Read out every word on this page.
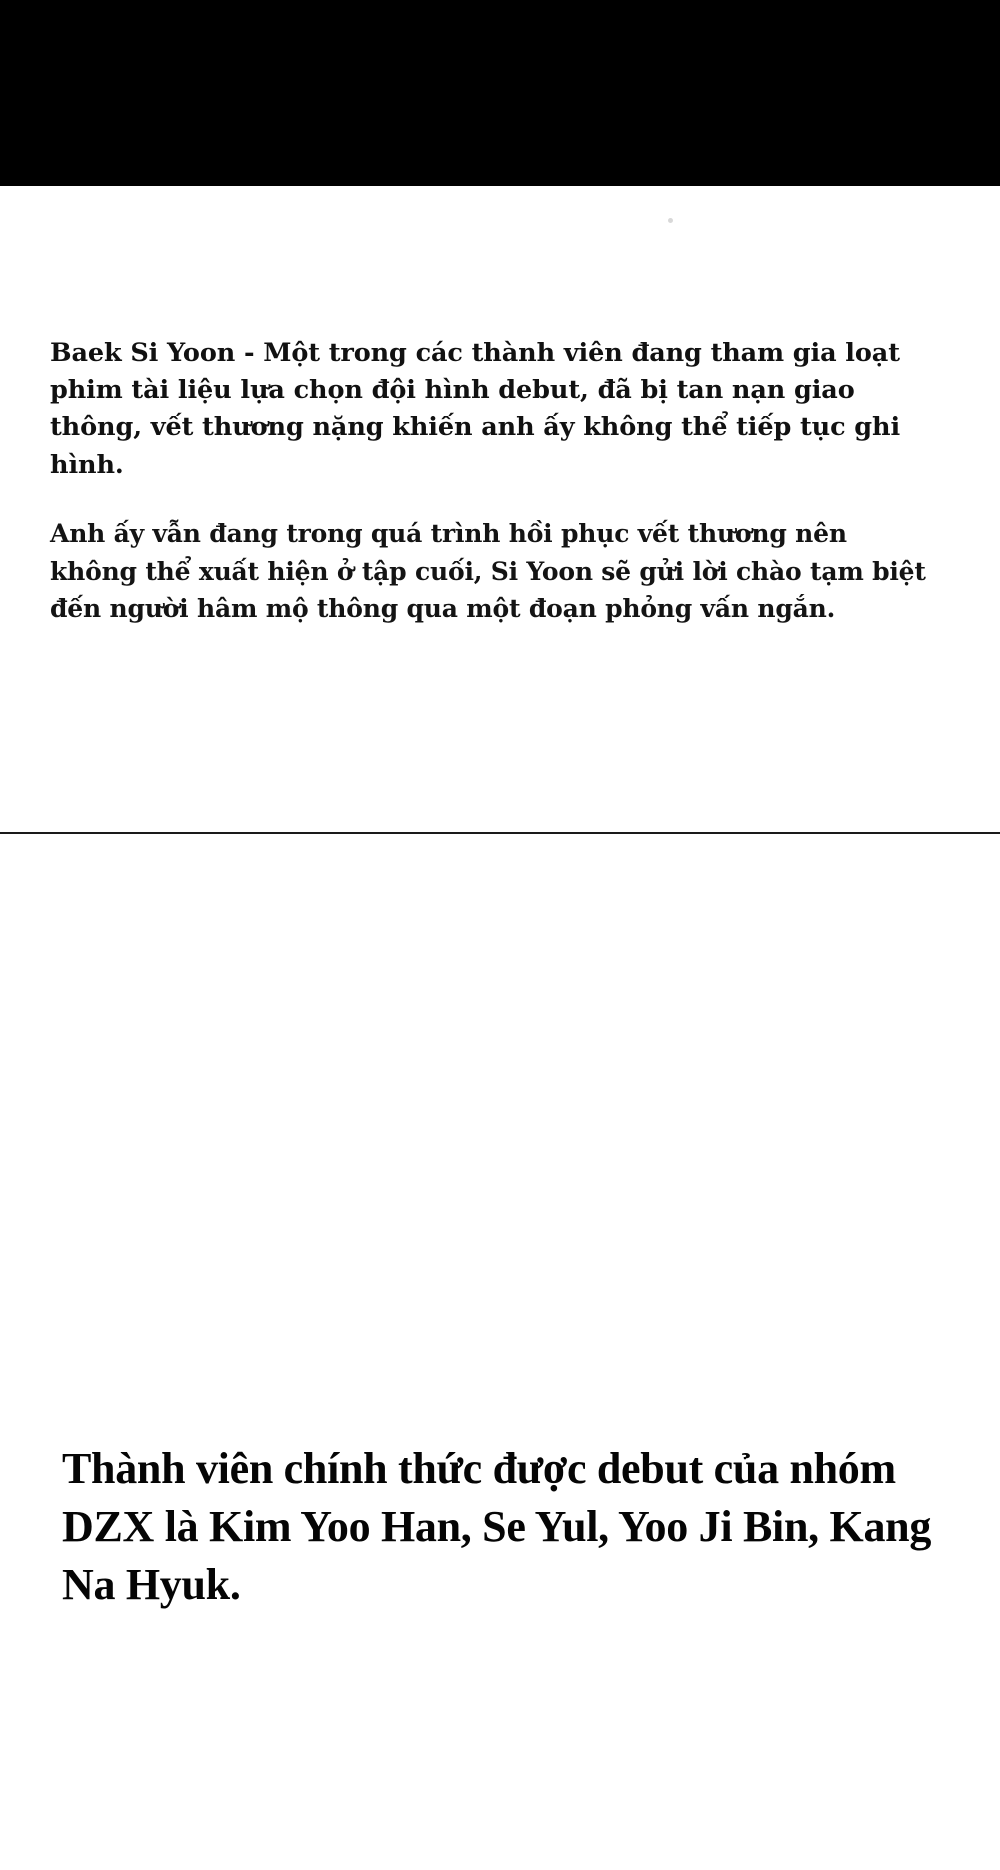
Baek Si Yoon - Một trong các thành viên đang tham gia loạt phim tài liệu lựa chọn đội hình debut, đã bị tan nạn giao thông, vết thương nặng khiến anh ấy không thể tiếp tục ghi hình.

Anh ấy vẫn đang trong quá trình hồi phục vết thương nên không thể xuất hiện ở tập cuối, Si Yoon sẽ gửi lời chào tạm biệt đến người hâm mộ thông qua một đoạn phỏng vấn ngắn.

Thành viên chính thức được debut của nhóm DZX là Kim Yoo Han, Se Yul, Yoo Ji Bin, Kang Na Hyuk.
